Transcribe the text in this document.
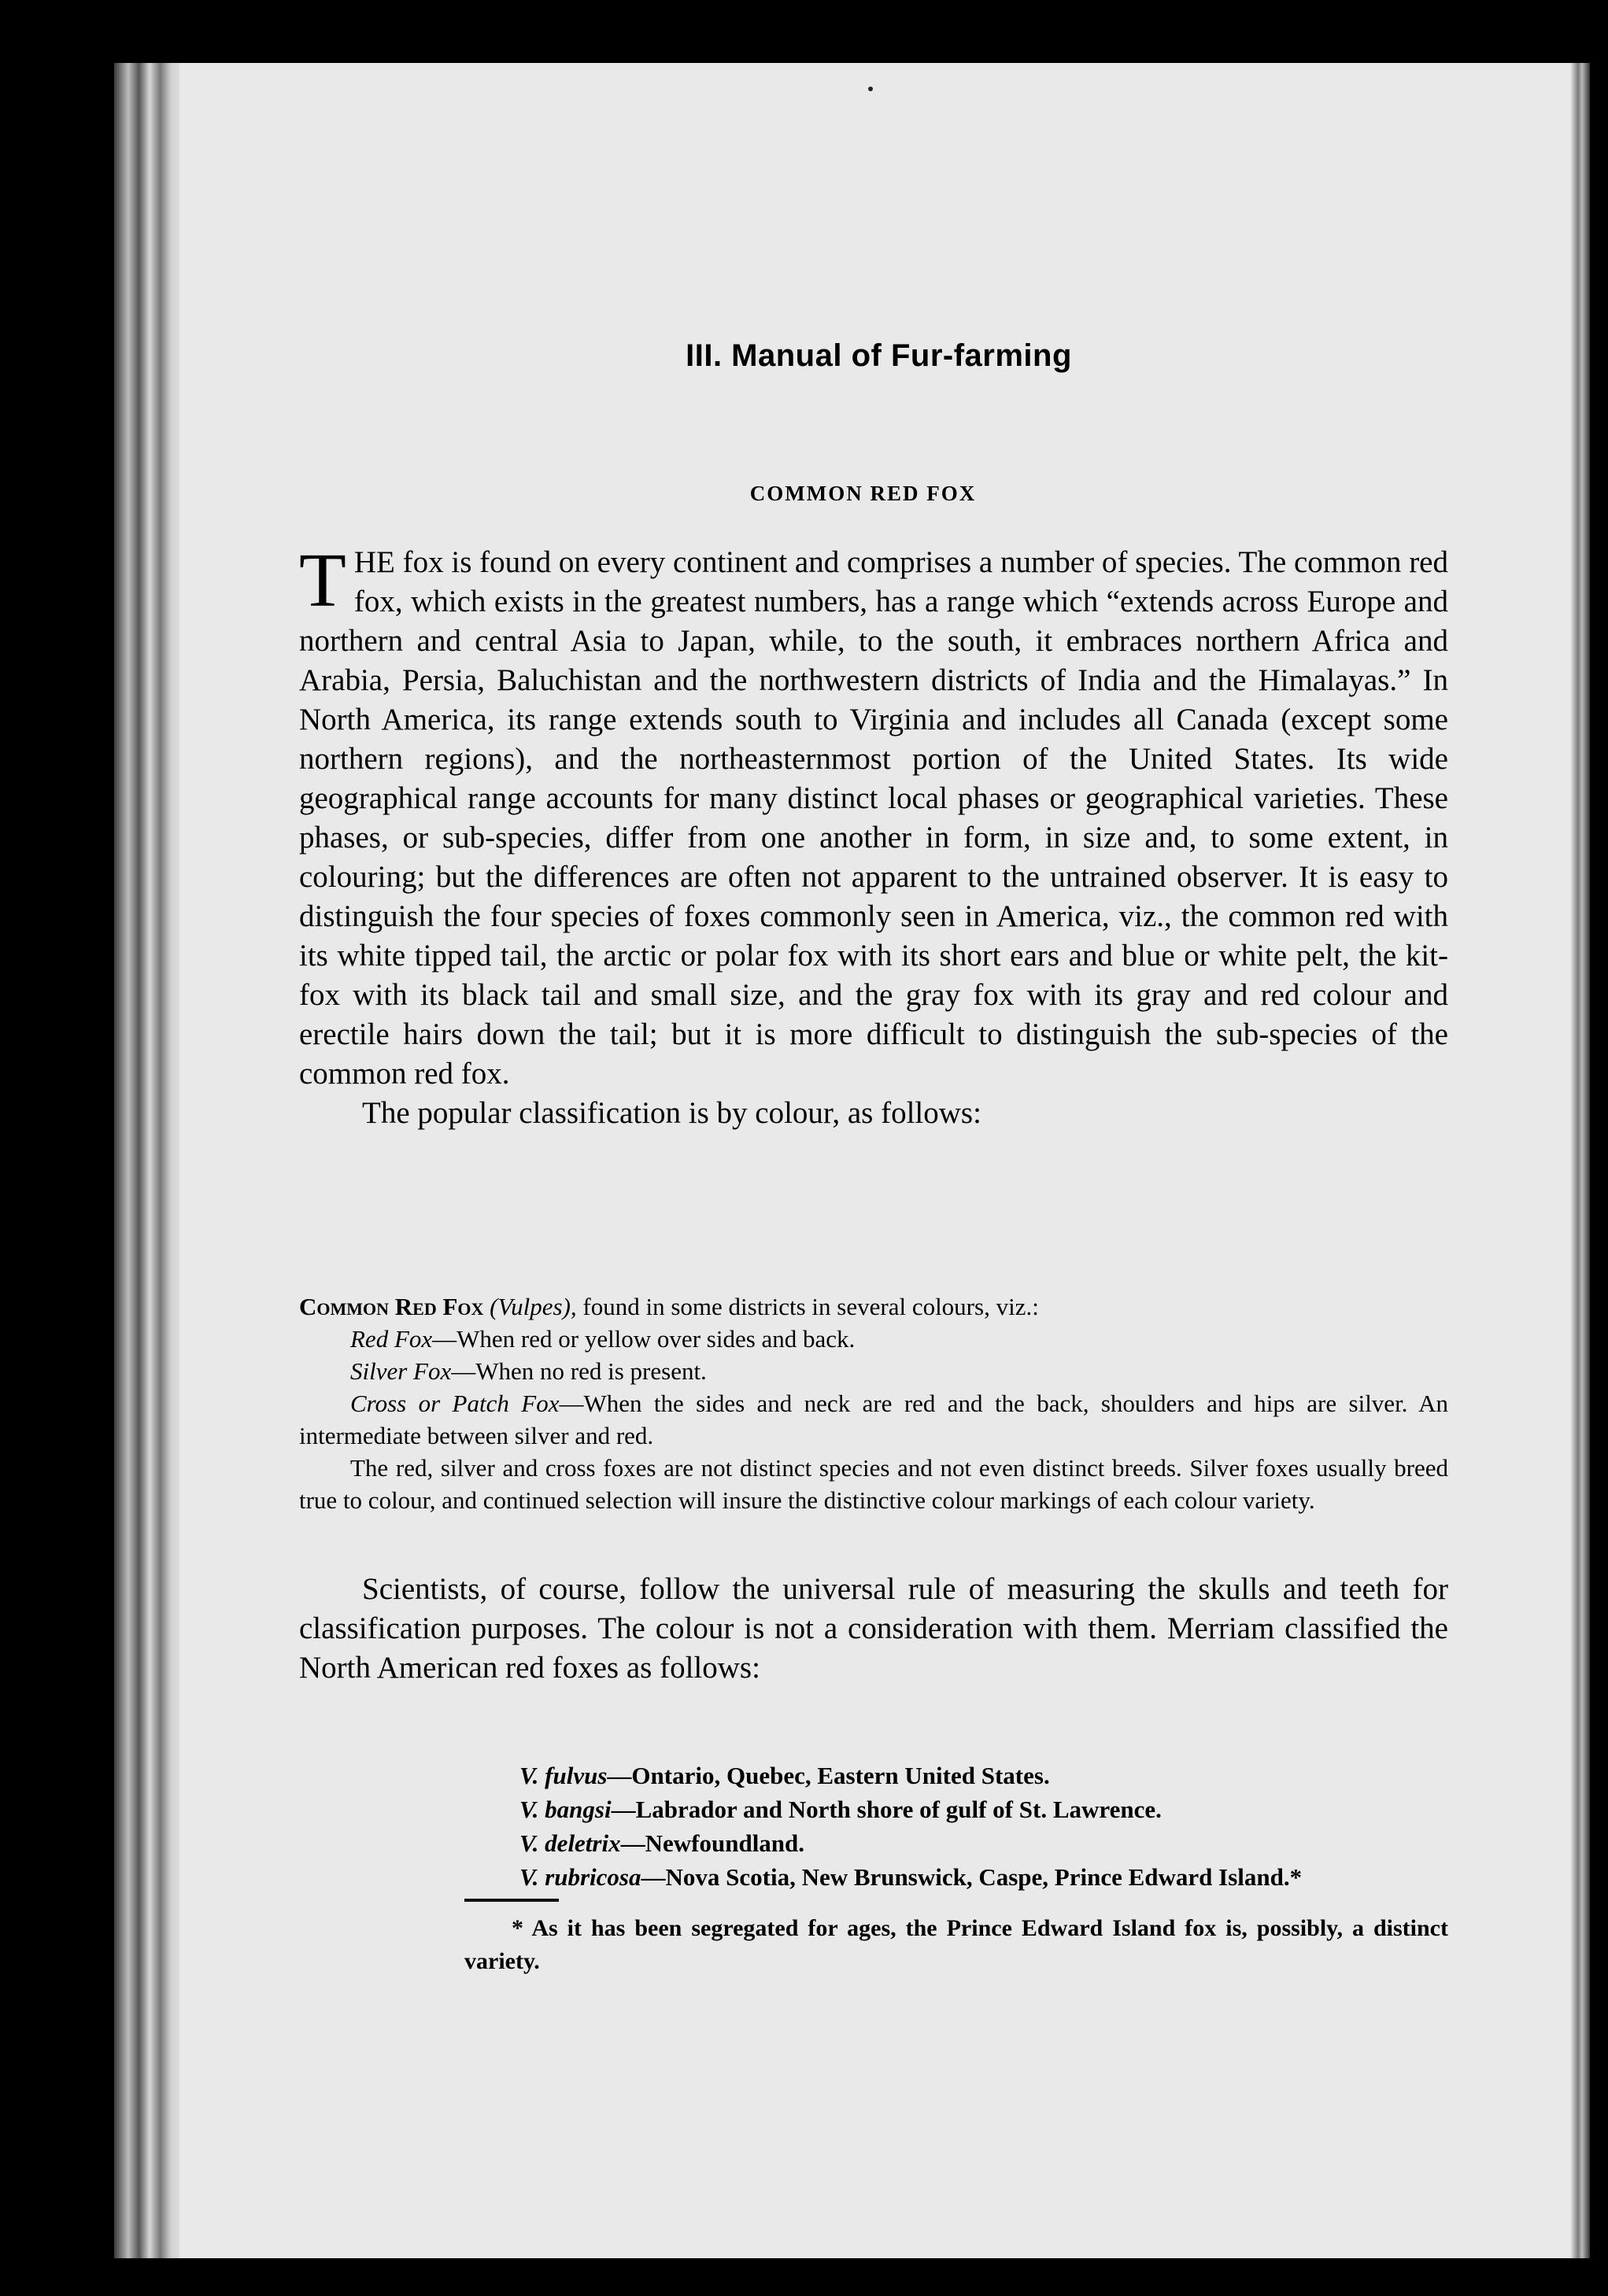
III. Manual of Fur-farming
COMMON RED FOX

THE fox is found on every continent and comprises a number of species. The common red fox, which exists in the greatest numbers, has a range which “extends across Europe and northern and central Asia to Japan, while, to the south, it embraces northern Africa and Arabia, Persia, Baluchistan and the northwestern districts of India and the Himalayas.” In North America, its range extends south to Virginia and includes all Canada (except some northern regions), and the northeasternmost portion of the United States. Its wide geographical range accounts for many distinct local phases or geographical varieties. These phases, or sub-species, differ from one another in form, in size and, to some extent, in colouring; but the differences are often not apparent to the untrained observer. It is easy to distinguish the four species of foxes commonly seen in America, viz., the common red with its white tipped tail, the arctic or polar fox with its short ears and blue or white pelt, the kit-fox with its black tail and small size, and the gray fox with its gray and red colour and erectile hairs down the tail; but it is more difficult to distinguish the sub-species of the common red fox.

The popular classification is by colour, as follows:

Common Red Fox (Vulpes), found in some districts in several colours, viz.:

Red Fox—When red or yellow over sides and back.

Silver Fox—When no red is present.

Cross or Patch Fox—When the sides and neck are red and the back, shoulders and hips are silver. An intermediate between silver and red.

The red, silver and cross foxes are not distinct species and not even distinct breeds. Silver foxes usually breed true to colour, and continued selection will insure the distinctive colour markings of each colour variety.

Scientists, of course, follow the universal rule of measuring the skulls and teeth for classification purposes. The colour is not a consideration with them. Merriam classified the North American red foxes as follows:

V. fulvus—Ontario, Quebec, Eastern United States.
V. bangsi—Labrador and North shore of gulf of St. Lawrence.
V. deletrix—Newfoundland.
V. rubricosa—Nova Scotia, New Brunswick, Caspe, Prince Edward Island.*
* As it has been segregated for ages, the Prince Edward Island fox is, possibly, a distinct variety.
